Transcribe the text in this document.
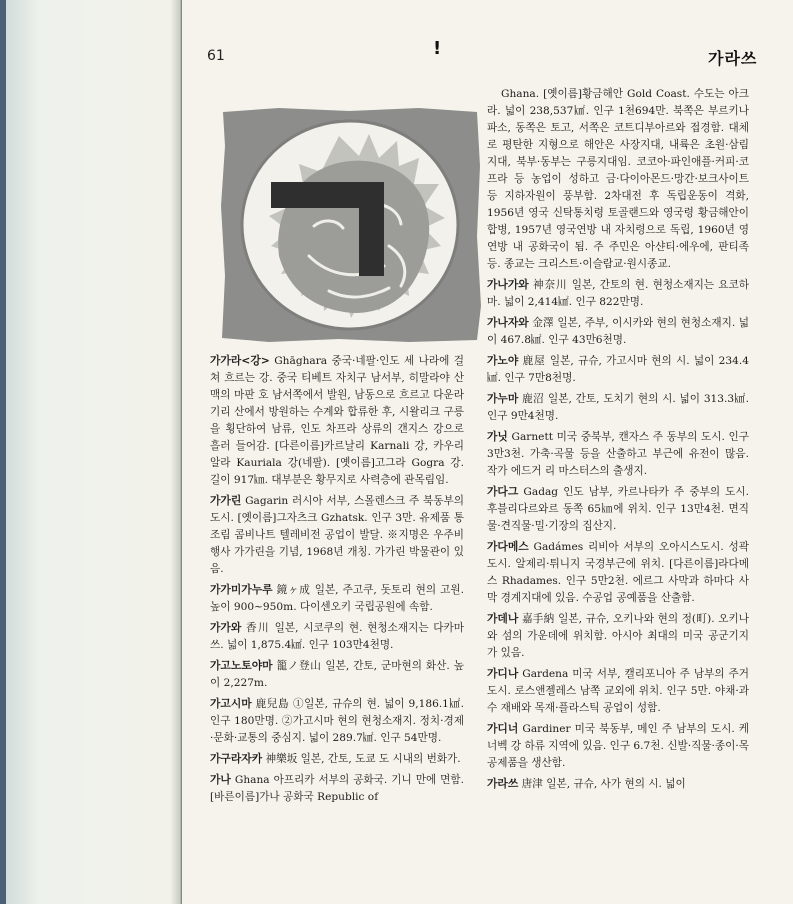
61	!	가라쓰
가가라<강> Ghāghara 중국·네팔·인도 세 나라에 걸쳐 흐르는 강. 중국 티베트 자치구 남서부, 히말라야 산맥의 마판 호 남서쪽에서 발원, 남동으로 흐르고 다운라기리 산에서 방원하는 수계와 합류한 후, 시왈리크 구릉을 횡단하여 남류, 인도 차프라 상류의 갠지스 강으로 흘러 들어감. [다른이름]카르날리 Karnali 강, 카우리알라 Kauriala 강(네팔). [옛이름]고그라 Gogra 강. 길이 917㎞. 대부분은 황무지로 사력층에 관목림임.
가가린 Gagarin 러시아 서부, 스몰렌스크 주 북동부의 도시. [옛이름]그자츠크 Gzhatsk. 인구 3만. 유제품 통조림 콤비나트 텔레비전 공업이 발달. ※지명은 우주비행사 가가린을 기념, 1968년 개칭. 가가린 박물관이 있음.
가가미가누루 鏡ヶ成 일본, 주고쿠, 돗토리 현의 고원. 높이 900~950m. 다이센오키 국립공원에 속함.
가가와 香川 일본, 시코쿠의 현. 현청소재지는 다카마쓰. 넓이 1,875.4㎢. 인구 103만4천명.
가고노토야마 籠ノ登山 일본, 간토, 군마현의 화산. 높이 2,227m.
가고시마 鹿兒島 ①일본, 규슈의 현. 넓이 9,186.1㎢. 인구 180만명. ②가고시마 현의 현청소재지. 정치·경제·문화·교통의 중심지. 넓이 289.7㎢. 인구 54만명.
가구라자카 神樂坂 일본, 간토, 도쿄 도 시내의 번화가.
가나 Ghana 아프리카 서부의 공화국. 기니 만에 면함. [바른이름]가나 공화국 Republic of
Ghana. [옛이름]황금해안 Gold Coast. 수도는 아크라. 넓이 238,537㎢. 인구 1천694만. 북쪽은 부르키나파소, 동쪽은 토고, 서쪽은 코트디부아르와 접경함. 대체로 평탄한 지형으로 해안은 사장지대, 내륙은 초원·삼림지대, 북부·동부는 구릉지대임. 코코아·파인애플·커피·코프라 등 농업이 성하고 금·다이아몬드·망간·보크사이트 등 지하자원이 풍부함. 2차대전 후 독립운동이 격화, 1956년 영국 신탁통치령 토골랜드와 영국령 황금해안이 합병, 1957년 영국연방 내 자치령으로 독립, 1960년 영연방 내 공화국이 됨. 주 주민은 아샨티·에우에, 판티족 등. 종교는 크리스트·이슬람교·원시종교.
가나가와 神奈川 일본, 간토의 현. 현청소재지는 요코하마. 넓이 2,414㎢. 인구 822만명.
가나자와 金澤 일본, 주부, 이시카와 현의 현청소재지. 넓이 467.8㎢. 인구 43만6천명.
가노야 鹿屋 일본, 규슈, 가고시마 현의 시. 넓이 234.4㎢. 인구 7만8천명.
가누마 鹿沼 일본, 간토, 도치기 현의 시. 넓이 313.3㎢. 인구 9만4천명.
가닛 Garnett 미국 중북부, 캔자스 주 동부의 도시. 인구 3만3천. 가축·곡물 등을 산출하고 부근에 유전이 많음. 작가 에드거 리 마스터스의 출생지.
가다그 Gadag 인도 남부, 카르나타카 주 중부의 도시. 후블리다르와르 동쪽 65㎞에 위치. 인구 13만4천. 면직물·견직물·밀·기장의 집산지.
가다메스 Gadámes 리비아 서부의 오아시스도시. 성곽도시. 알제리·튀니지 국경부근에 위치. [다른이름]라다메스 Rhadames. 인구 5만2천. 에르그 사막과 하마다 사막 경계지대에 있음. 수공업 공예품을 산출함.
가데나 嘉手納 일본, 규슈, 오키나와 현의 정(町). 오키나와 섬의 가운데에 위치함. 아시아 최대의 미국 공군기지가 있음.
가디나 Gardena 미국 서부, 캘리포니아 주 남부의 주거도시. 로스앤젤레스 남쪽 교외에 위치. 인구 5만. 야채·과수 재배와 목재·플라스틱 공업이 성함.
가디너 Gardiner 미국 북동부, 메인 주 남부의 도시. 케너벡 강 하류 지역에 있음. 인구 6.7천. 신발·직물·종이·목공제품을 생산함.
가라쓰 唐津 일본, 규슈, 사가 현의 시. 넓이
